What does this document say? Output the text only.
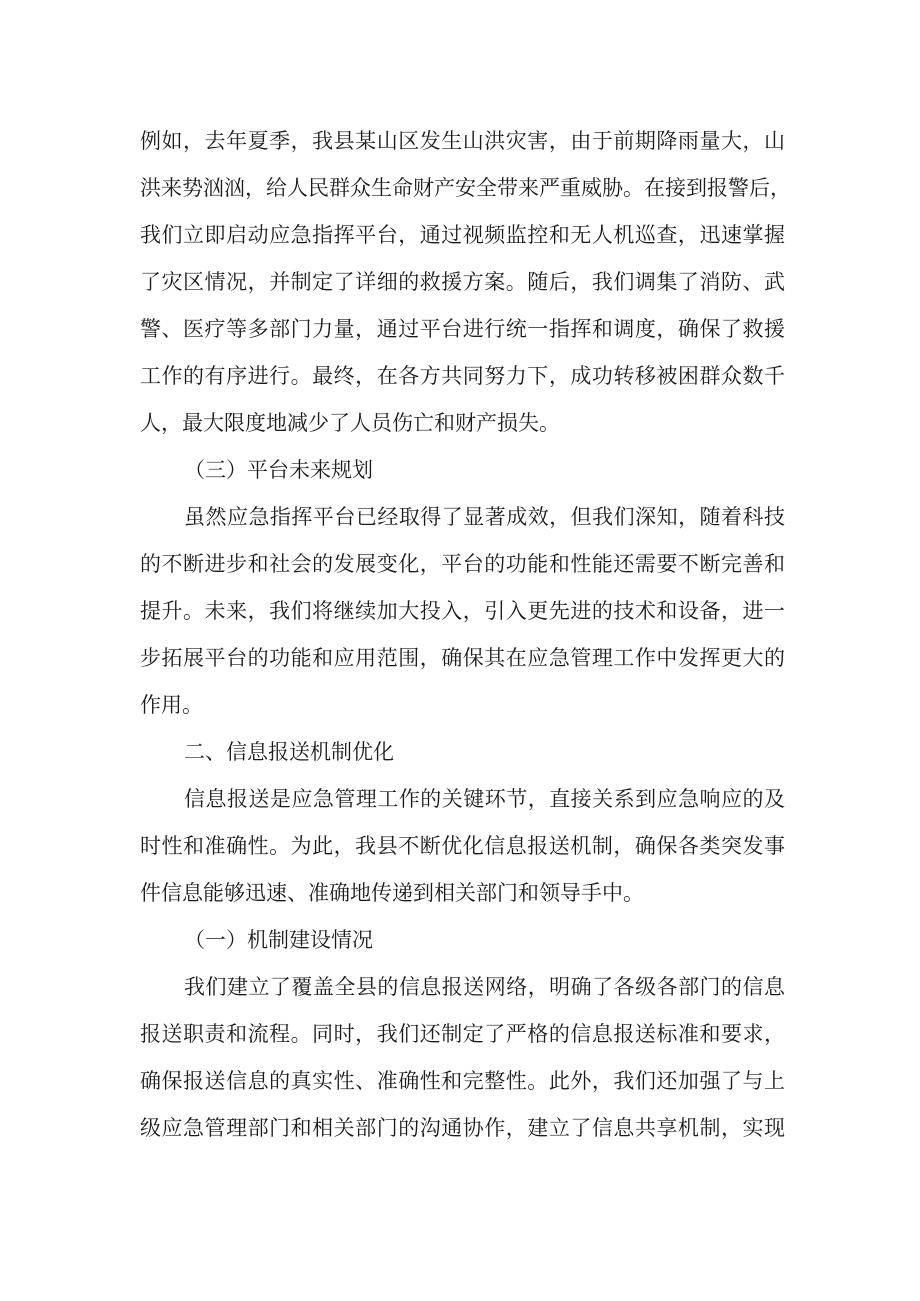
例如，去年夏季，我县某山区发生山洪灾害，由于前期降雨量大，山
洪来势汹汹，给人民群众生命财产安全带来严重威胁。在接到报警后，
我们立即启动应急指挥平台，通过视频监控和无人机巡查，迅速掌握
了灾区情况，并制定了详细的救援方案。随后，我们调集了消防、武
警、医疗等多部门力量，通过平台进行统一指挥和调度，确保了救援
工作的有序进行。最终，在各方共同努力下，成功转移被困群众数千
人，最大限度地减少了人员伤亡和财产损失。
（三）平台未来规划
虽然应急指挥平台已经取得了显著成效，但我们深知，随着科技
的不断进步和社会的发展变化，平台的功能和性能还需要不断完善和
提升。未来，我们将继续加大投入，引入更先进的技术和设备，进一
步拓展平台的功能和应用范围，确保其在应急管理工作中发挥更大的
作用。
二、信息报送机制优化
信息报送是应急管理工作的关键环节，直接关系到应急响应的及
时性和准确性。为此，我县不断优化信息报送机制，确保各类突发事
件信息能够迅速、准确地传递到相关部门和领导手中。
（一）机制建设情况
我们建立了覆盖全县的信息报送网络，明确了各级各部门的信息
报送职责和流程。同时，我们还制定了严格的信息报送标准和要求，
确保报送信息的真实性、准确性和完整性。此外，我们还加强了与上
级应急管理部门和相关部门的沟通协作，建立了信息共享机制，实现
